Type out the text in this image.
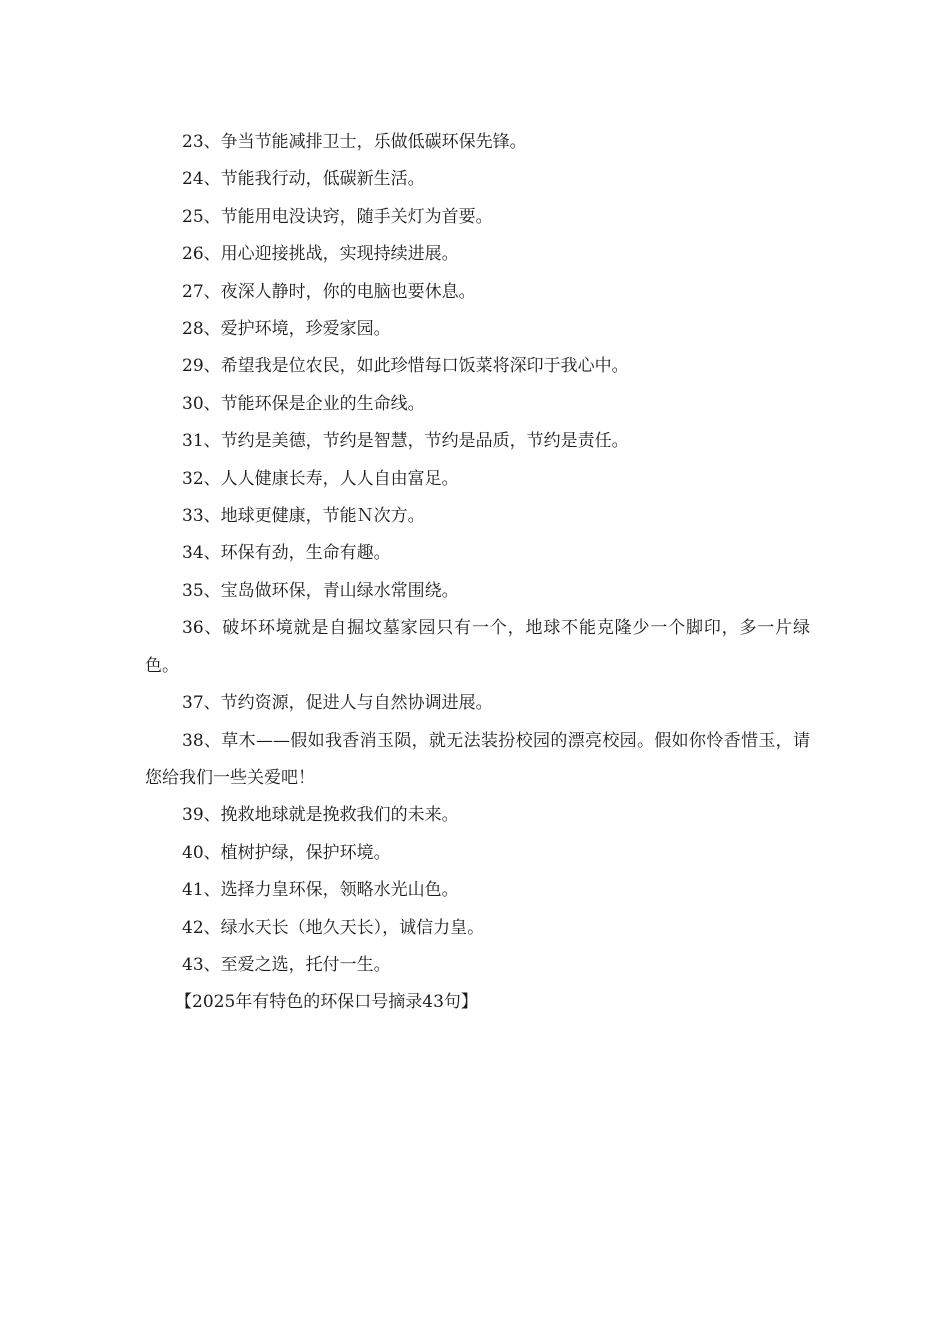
23、争当节能减排卫士，乐做低碳环保先锋。

24、节能我行动，低碳新生活。

25、节能用电没诀窍，随手关灯为首要。

26、用心迎接挑战，实现持续进展。

27、夜深人静时，你的电脑也要休息。

28、爱护环境，珍爱家园。

29、希望我是位农民，如此珍惜每口饭菜将深印于我心中。

30、节能环保是企业的生命线。

31、节约是美德，节约是智慧，节约是品质，节约是责任。

32、人人健康长寿，人人自由富足。

33、地球更健康，节能Ｎ次方。

34、环保有劲，生命有趣。

35、宝岛做环保，青山绿水常围绕。

36、破坏环境就是自掘坟墓家园只有一个，地球不能克隆少一个脚印，多一片绿色。

37、节约资源，促进人与自然协调进展。

38、草木——假如我香消玉陨，就无法装扮校园的漂亮校园。假如你怜香惜玉，请您给我们一些关爱吧！

39、挽救地球就是挽救我们的未来。

40、植树护绿，保护环境。

41、选择力皇环保，领略水光山色。

42、绿水天长（地久天长），诚信力皇。

43、至爱之选，托付一生。

【2025年有特色的环保口号摘录43句】
